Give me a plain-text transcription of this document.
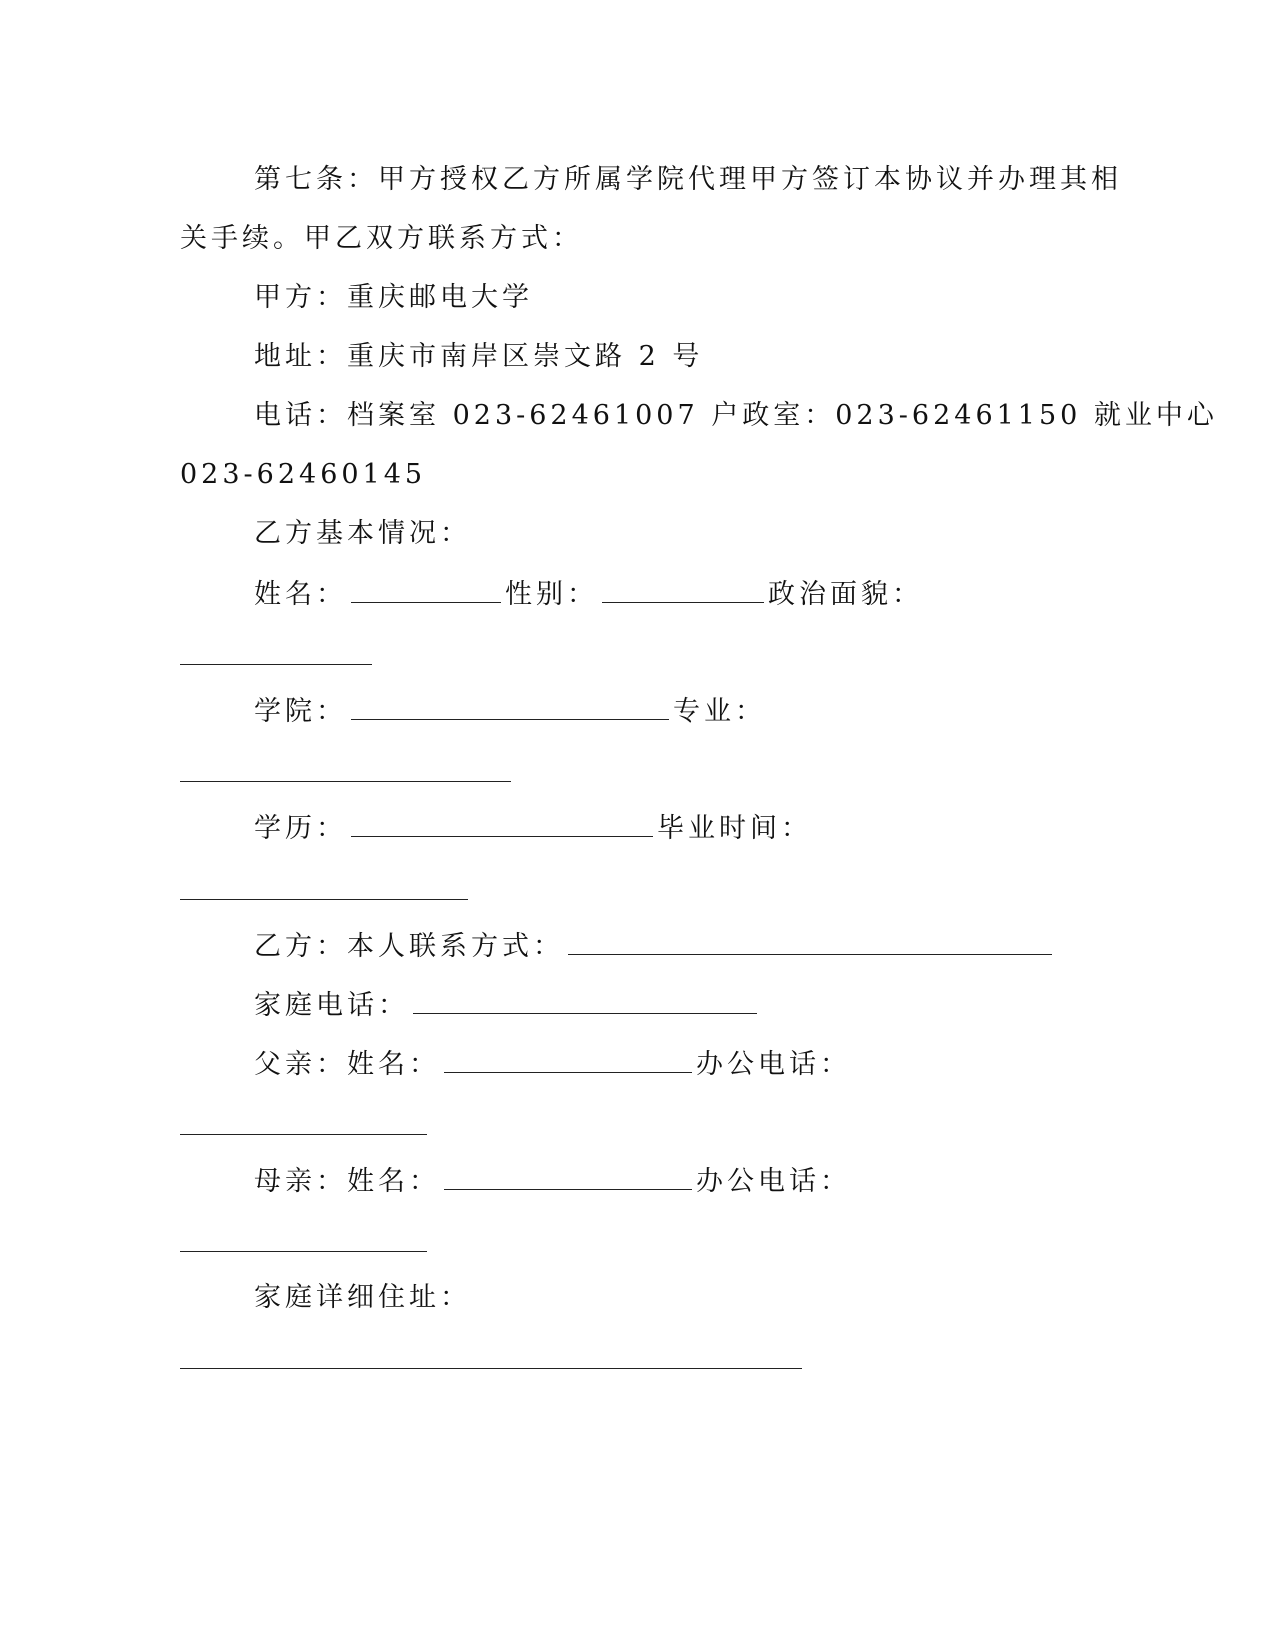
第七条：甲方授权乙方所属学院代理甲方签订本协议并办理其相
关手续。甲乙双方联系方式：
甲方：重庆邮电大学
地址：重庆市南岸区崇文路 2 号
电话：档案室 023-62461007 户政室：023-62461150 就业中心
023-62460145
乙方基本情况：
姓名：	性别：	政治面貌：
学院：	专业：
学历：	毕业时间：
乙方：本人联系方式：
家庭电话：
父亲：姓名：	办公电话：
母亲：姓名：	办公电话：
家庭详细住址：
